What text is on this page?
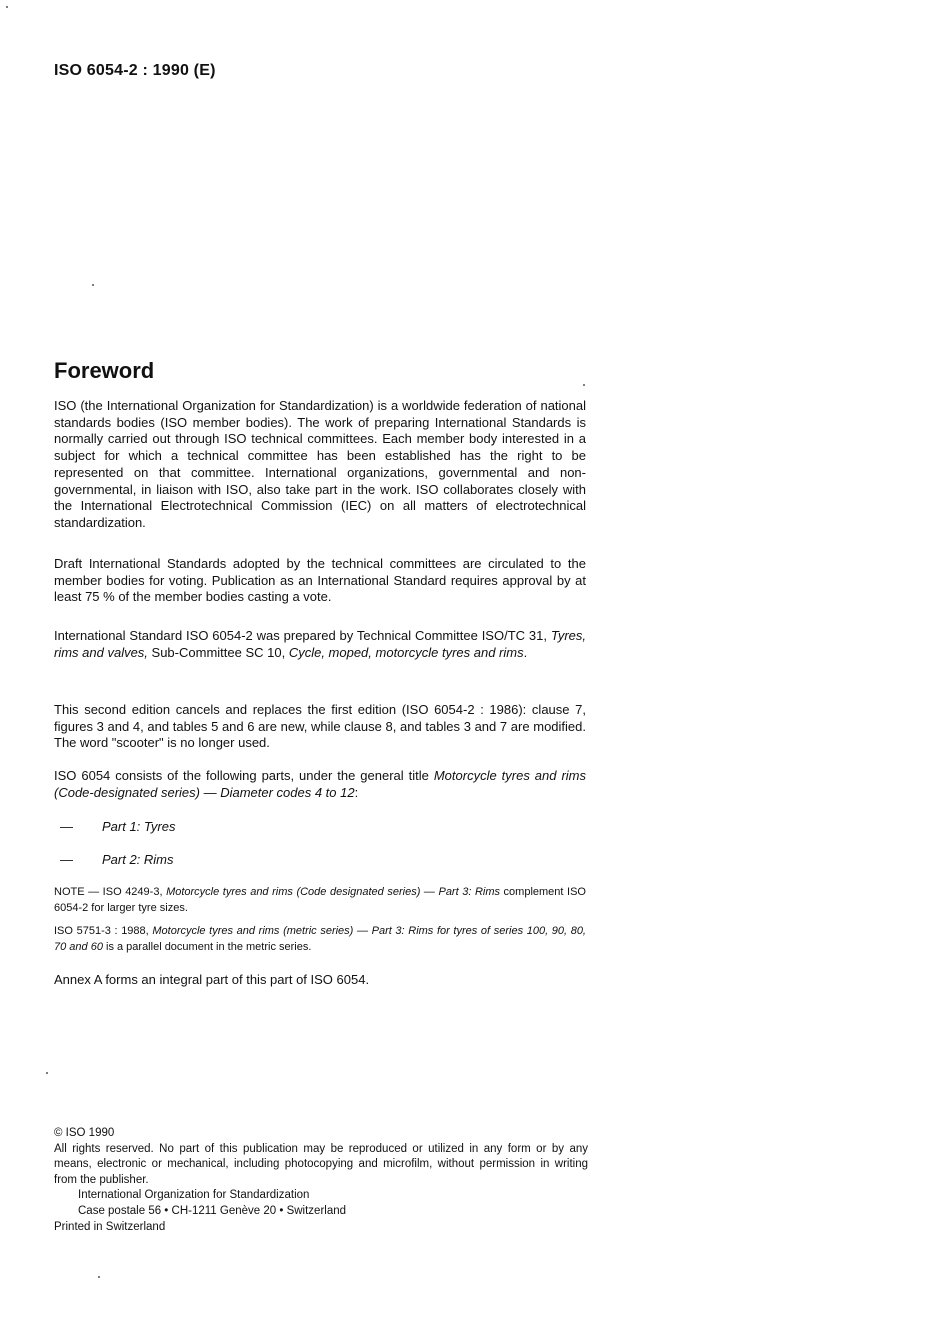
ISO 6054-2 : 1990 (E)
Foreword
ISO (the International Organization for Standardization) is a worldwide federation of national standards bodies (ISO member bodies). The work of preparing International Standards is normally carried out through ISO technical committees. Each member body interested in a subject for which a technical committee has been established has the right to be represented on that committee. International organizations, governmental and non-governmental, in liaison with ISO, also take part in the work. ISO collaborates closely with the International Electrotechnical Commission (IEC) on all matters of electrotechnical standardization.
Draft International Standards adopted by the technical committees are circulated to the member bodies for voting. Publication as an International Standard requires approval by at least 75 % of the member bodies casting a vote.
International Standard ISO 6054-2 was prepared by Technical Committee ISO/TC 31, Tyres, rims and valves, Sub-Committee SC 10, Cycle, moped, motorcycle tyres and rims.
This second edition cancels and replaces the first edition (ISO 6054-2 : 1986): clause 7, figures 3 and 4, and tables 5 and 6 are new, while clause 8, and tables 3 and 7 are modified. The word "scooter" is no longer used.
ISO 6054 consists of the following parts, under the general title Motorcycle tyres and rims (Code-designated series) — Diameter codes 4 to 12:
— Part 1: Tyres
— Part 2: Rims
NOTE — ISO 4249-3, Motorcycle tyres and rims (Code designated series) — Part 3: Rims complement ISO 6054-2 for larger tyre sizes.
ISO 5751-3 : 1988, Motorcycle tyres and rims (metric series) — Part 3: Rims for tyres of series 100, 90, 80, 70 and 60 is a parallel document in the metric series.
Annex A forms an integral part of this part of ISO 6054.
© ISO 1990
All rights reserved. No part of this publication may be reproduced or utilized in any form or by any means, electronic or mechanical, including photocopying and microfilm, without permission in writing from the publisher.
International Organization for Standardization
Case postale 56 • CH-1211 Genève 20 • Switzerland
Printed in Switzerland
